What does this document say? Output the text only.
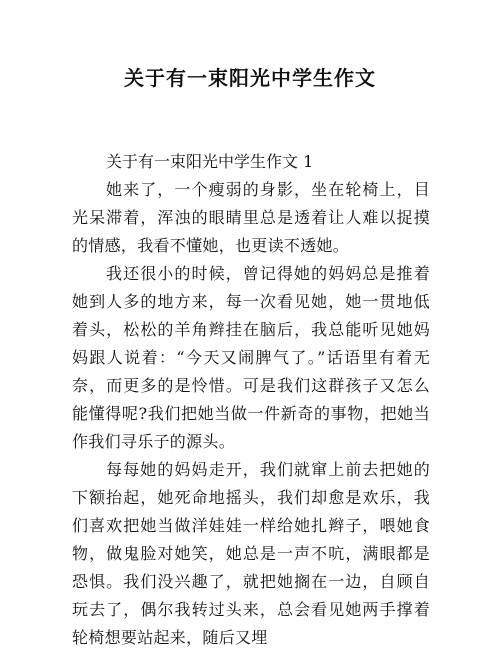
关于有一束阳光中学生作文

关于有一束阳光中学生作文 1

她来了，一个瘦弱的身影，坐在轮椅上，目光呆滞着，浑浊的眼睛里总是透着让人难以捉摸的情感，我看不懂她，也更读不透她。

我还很小的时候，曾记得她的妈妈总是推着她到人多的地方来，每一次看见她，她一贯地低着头，松松的羊角辫挂在脑后，我总能听见她妈妈跟人说着：“今天又闹脾气了。”话语里有着无奈，而更多的是怜惜。可是我们这群孩子又怎么能懂得呢?我们把她当做一件新奇的事物，把她当作我们寻乐子的源头。

每每她的妈妈走开，我们就窜上前去把她的下额抬起，她死命地摇头，我们却愈是欢乐，我们喜欢把她当做洋娃娃一样给她扎辫子，喂她食物，做鬼脸对她笑，她总是一声不吭，满眼都是恐惧。我们没兴趣了，就把她搁在一边，自顾自玩去了，偶尔我转过头来，总会看见她两手撑着轮椅想要站起来，随后又埋
